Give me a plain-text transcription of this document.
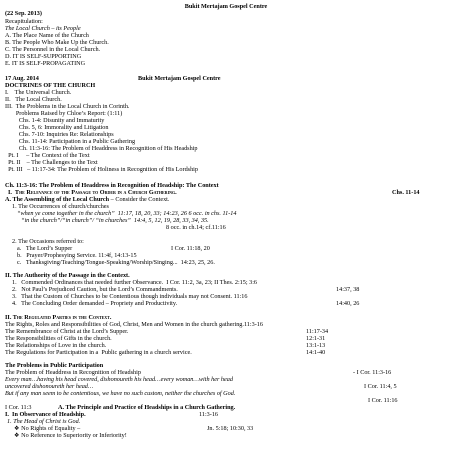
Bukit Mertajam Gospel Centre
(22 Sep. 2013)
Recapitulation:
The Local Church – its People
A. The Place Name of the Church
B. The People Who Make Up the Church.
C. The Personnel in the Local Church.
D. IT IS SELF-SUPPORTING
E. IT IS SELF-PROPAGATING
17 Aug. 2014	Bukit Mertajam Gospel Centre
DOCTRINES OF THE CHURCH
I.    The Universal Church.
II.   The Local Church.
III.  The Problems in the Local Church in Corinth.
Problems Raised by Chloe’s Report: (1:11)
Chs. 1-4: Disunity and Immaturity
Chs. 5, 6: Immorality and Litigation
Chs. 7-10: Inquiries Re: Relationships
Chs. 11-14: Participation in a Public Gathering
Ch. 11:3-16: The Problem of Headdress in Recognition of His Headship
Pt. I     – The Context of the Text
Pt. II    – The Challenges to the Text
Pt. III   – 11:17-34: The Problem of Holiness in Recognition of His Lordship
Ch. 11:3-16: The Problem of Headdress in Recognition of Headship: The Context
I.  The Relevance of the Passage to Order in a Church Gathering.	Chs. 11-14
A. The Assembling of the Local Church – Consider the Context.
1. The Occurrences of church/churches
“when ye come together in the church”  11:17, 18, 20, 33; 14:23, 26 6 occ. in chs. 11-14
“in the church”/“in church”/ “in churches”  14:4, 5, 12, 19, 28, 33, 34, 35.
8 occ. in ch.14; cf.11:16
2. The Occasions referred to:
a.   The Lord’s Supper	I Cor. 11:18, 20
b.   Prayer/Prophesying Service. 11:4f, 14:13-15
c.   Thanksgiving/Teaching/Tongue-Speaking/Worship/Singing...  14:23, 25, 26.
II. The Authority of the Passage in the Context.
1.   Commended Ordinances that needed further Observance.  I Cor. 11:2, 3a, 23; II Thes. 2:15; 3:6
2.   Not Paul’s Prejudiced Caution, but the Lord’s Commandments.	14:37, 38
3.   That the Custom of Churches to be Contentious though individuals may not Consent. 11:16
4.   The Concluding Order demanded – Propriety and Productivity.	14:40, 26
II. The Regulated Parties in the Context.
The Rights, Roles and Responsibilities of God, Christ, Men and Women in the church gathering.11:3-16
The Remembrance of Christ at the Lord’s Supper.	11:17-34
The Responsibilities of Gifts in the church.	12:1-31
The Relationships of Love in the church.	13:1-13
The Regulations for Participation in a  Public gathering in a church service.	14:1-40
The Problems in Public Participation
The Problem of Headdress in Recognition of Headship	- I Cor. 11:3-16
Every man…having his head covered, dishonoureth his head…every woman…with her head
uncovered dishonoureth her head…	I Cor. 11:4, 5
But if any man seem to be contentious, we have no such custom, neither the churches of God.
I Cor. 11:16
I Cor. 11:3	A. The Principle and Practice of Headships in a Church Gathering.
I.  In Observance of Headship.	11:3-16
1. The Head of Christ is God.
❖ No Rights of Equality –	Jn. 5:18; 10:30, 33
❖ No Reference to Superiority or Inferiority!
